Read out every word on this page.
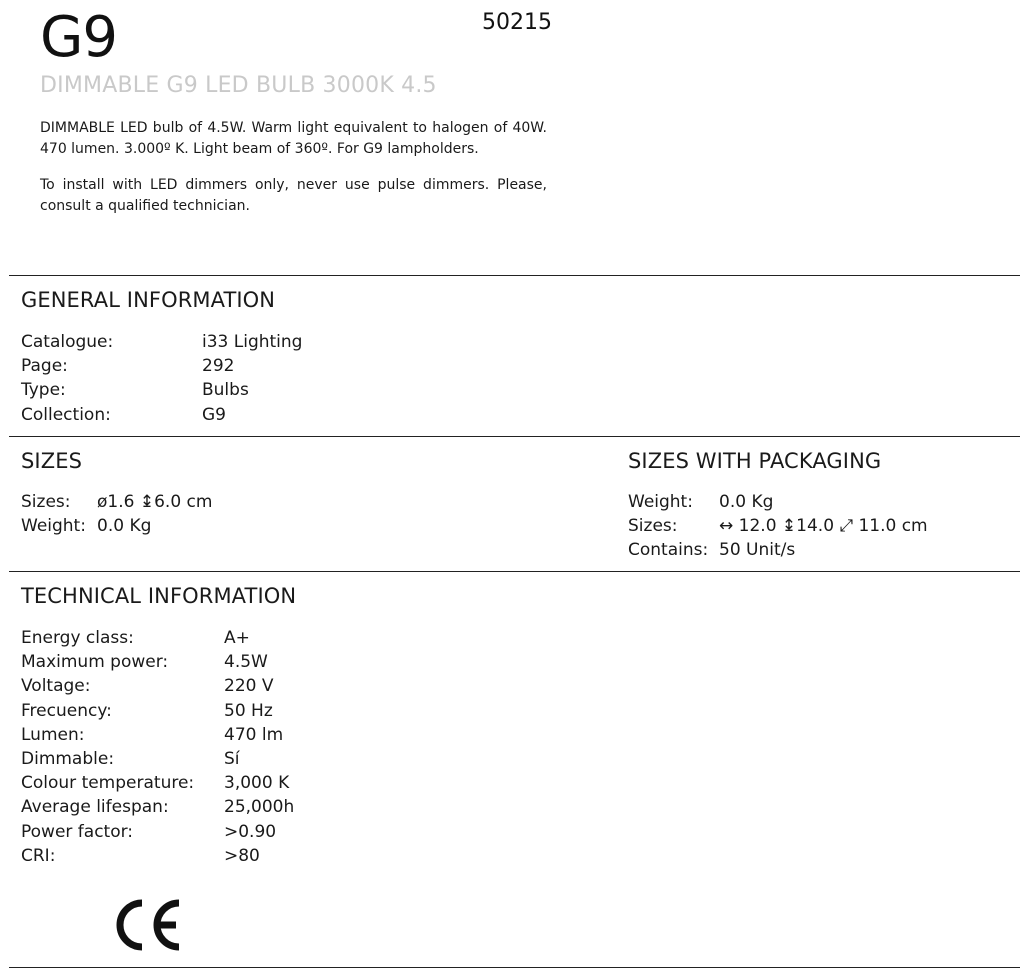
G9	50215
DIMMABLE G9 LED BULB 3000K 4.5
DIMMABLE LED bulb of 4.5W. Warm light equivalent to halogen of 40W. 470 lumen. 3.000º K. Light beam of 360º. For G9 lampholders.
To install with LED dimmers only, never use pulse dimmers. Please, consult a qualified technician.
GENERAL INFORMATION
Catalogue:	i33 Lighting
Page:	292
Type:	Bulbs
Collection:	G9
SIZES
Sizes: ø1.6 ↨6.0 cm
Weight: 0.0 Kg
SIZES WITH PACKAGING
Weight: 0.0 Kg
Sizes: ↔ 12.0 ↨14.0 ⤢ 11.0 cm
Contains: 50 Unit/s
TECHNICAL INFORMATION
Energy class:	A+
Maximum power:	4.5W
Voltage:	220 V
Frecuency:	50 Hz
Lumen:	470 lm
Dimmable:	Sí
Colour temperature: 3,000 K
Average lifespan:	25,000h
Power factor:	>0.90
CRI:	>80
